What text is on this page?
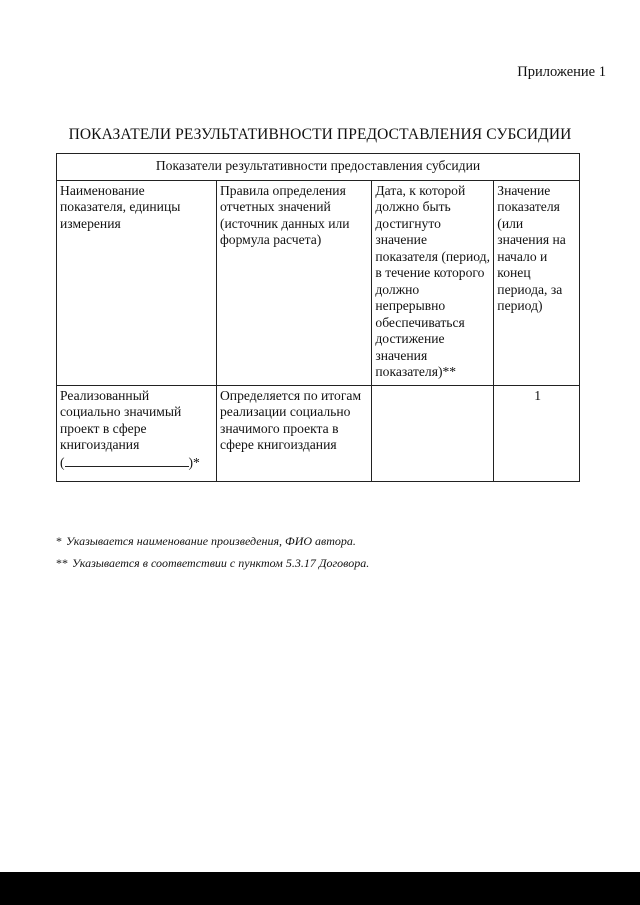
Приложение 1
ПОКАЗАТЕЛИ РЕЗУЛЬТАТИВНОСТИ ПРЕДОСТАВЛЕНИЯ СУБСИДИИ
Показатели результативности предоставления субсидии			
Наименование показателя, единицы измерения	Правила определения отчетных значений (источник данных или формула расчета)	Дата, к которой должно быть достигнуто значение показателя (период, в течение которого должно непрерывно обеспечиваться достижение значения показателя)**	Значение показателя (или значения на начало и конец периода, за период)
Реализованный социально значимый проект в сфере книгоиздания
( )*	Определяется по итогам реализации социально значимого проекта в сфере книгоиздания		1
* Указывается наименование произведения, ФИО автора.
** Указывается в соответствии с пунктом 5.3.17 Договора.
